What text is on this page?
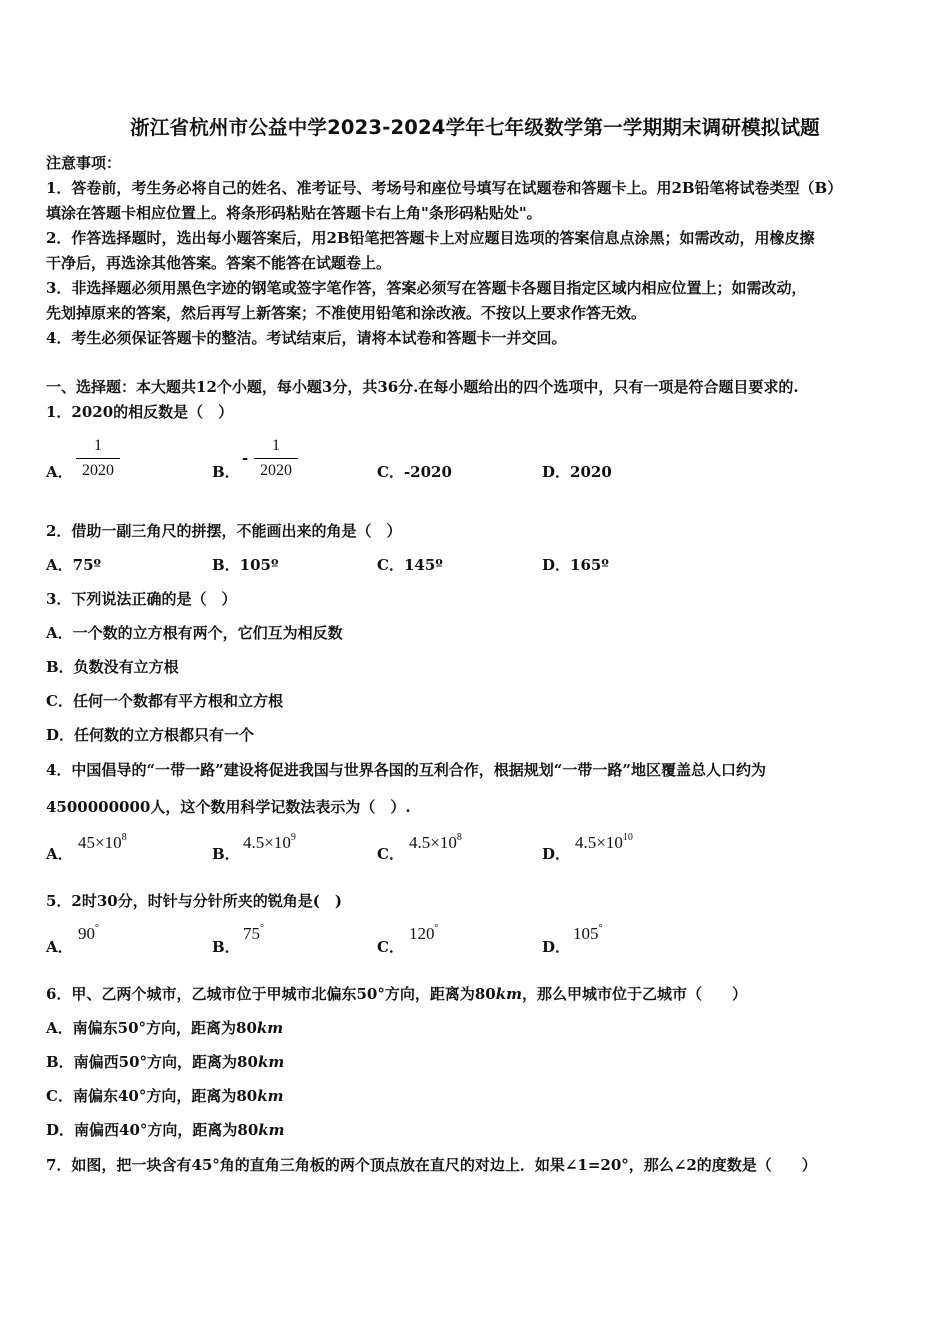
浙江省杭州市公益中学2023-2024学年七年级数学第一学期期末调研模拟试题
注意事项：
1．答卷前，考生务必将自己的姓名、准考证号、考场号和座位号填写在试题卷和答题卡上。用2B铅笔将试卷类型（B）
填涂在答题卡相应位置上。将条形码粘贴在答题卡右上角"条形码粘贴处"。
2．作答选择题时，选出每小题答案后，用2B铅笔把答题卡上对应题目选项的答案信息点涂黑；如需改动，用橡皮擦
干净后，再选涂其他答案。答案不能答在试题卷上。
3．非选择题必须用黑色字迹的钢笔或签字笔作答，答案必须写在答题卡各题目指定区域内相应位置上；如需改动，
先划掉原来的答案，然后再写上新答案；不准使用铅笔和涂改液。不按以上要求作答无效。
4．考生必须保证答题卡的整洁。考试结束后，请将本试卷和答题卡一并交回。
一、选择题：本大题共12个小题，每小题3分，共36分.在每小题给出的四个选项中，只有一项是符合题目要求的.
1．2020的相反数是（　）
A．
1
2020	B．
-
1
2020	C．-2020	D．2020
2．借助一副三角尺的拼摆，不能画出来的角是（　）
A．75º	B．105º	C．145º	D．165º
3．下列说法正确的是（　）
A．一个数的立方根有两个，它们互为相反数
B．负数没有立方根
C．任何一个数都有平方根和立方根
D．任何数的立方根都只有一个
4．中国倡导的“一带一路”建设将促进我国与世界各国的互利合作，根据规划“一带一路”地区覆盖总人口约为
4500000000人，这个数用科学记数法表示为（　）.
A．
$45\times 10^8$
B．
$4.5\times 10^9$
C．
$4.5\times 10^8$
D．
$4.5\times 10^{10}$
5．2时30分，时针与分针所夹的锐角是(　)
A．
90°
B．
75°
C．
120°
D．
105°
6．甲、乙两个城市，乙城市位于甲城市北偏东50°方向，距离为80km，那么甲城市位于乙城市（　　）
A．南偏东50°方向，距离为80km
B．南偏西50°方向，距离为80km
C．南偏东40°方向，距离为80km
D．南偏西40°方向，距离为80km
7．如图，把一块含有45°角的直角三角板的两个顶点放在直尺的对边上．如果∠1=20°，那么∠2的度数是（　　）
